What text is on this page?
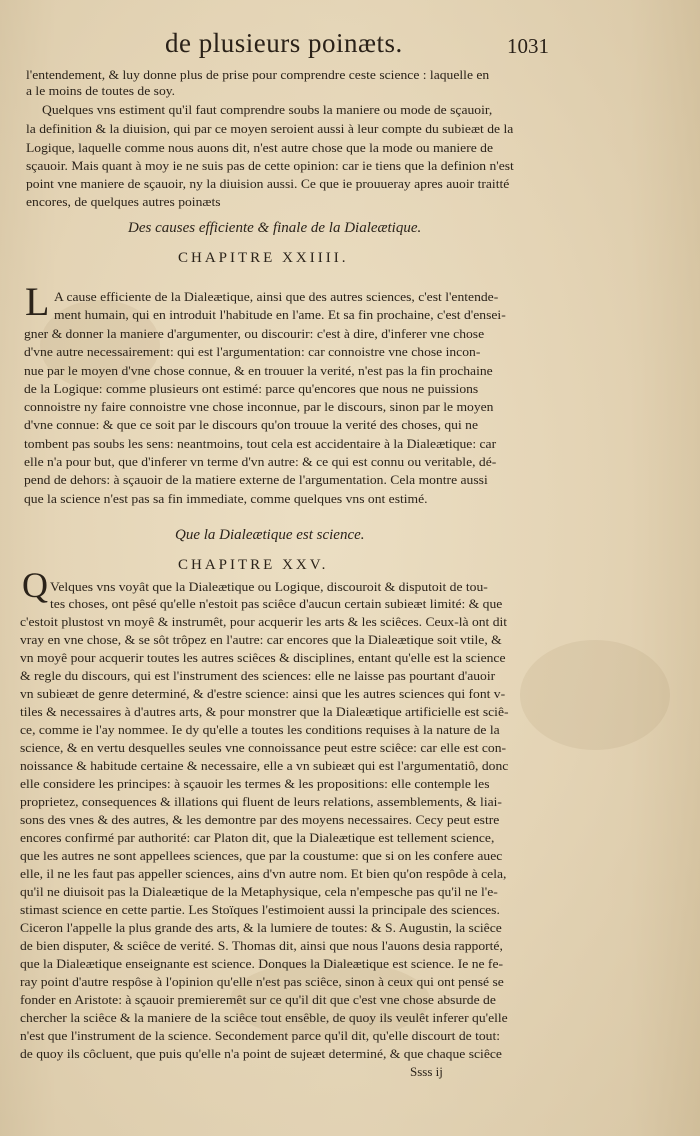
de plusieurs poinæts.	1031
l'entendement, & luy donne plus de prise pour comprendre ceste science : laquelle en
a le moins de toutes de soy.
Quelques vns estiment qu'il faut comprendre soubs la maniere ou mode de sçauoir,
la definition & la diuision, qui par ce moyen seroient aussi à leur compte du subieæt de la
Logique, laquelle comme nous auons dit, n'est autre chose que la mode ou maniere de
sçauoir. Mais quant à moy ie ne suis pas de cette opinion: car ie tiens que la definion n'est
point vne maniere de sçauoir, ny la diuision aussi. Ce que ie prouueray apres auoir traitté
encores, de quelques autres poinæts
Des causes efficiente & finale de la Dialeætique.
CHAPITRE XXIIII.
L A cause efficiente de la Dialeætique, ainsi que des autres sciences, c'est l'entende-
ment humain, qui en introduit l'habitude en l'ame. Et sa fin prochaine, c'est d'ensei-
gner & donner la maniere d'argumenter, ou discourir: c'est à dire, d'inferer vne chose
d'vne autre necessairement: qui est l'argumentation: car connoistre vne chose incon-
nue par le moyen d'vne chose connue, & en trouuer la verité, n'est pas la fin prochaine
de la Logique: comme plusieurs ont estimé: parce qu'encores que nous ne puissions
connoistre ny faire connoistre vne chose inconnue, par le discours, sinon par le moyen
d'vne connue: & que ce soit par le discours qu'on trouue la verité des choses, qui ne
tombent pas soubs les sens: neantmoins, tout cela est accidentaire à la Dialeætique: car
elle n'a pour but, que d'inferer vn terme d'vn autre: & ce qui est connu ou veritable, dé-
pend de dehors: à sçauoir de la matiere externe de l'argumentation. Cela montre aussi
que la science n'est pas sa fin immediate, comme quelques vns ont estimé.
Que la Dialeætique est science.
CHAPITRE XXV.
Q Velques vns voyât que la Dialeætique ou Logique, discouroit & disputoit de tou-
tes choses, ont pêsé qu'elle n'estoit pas sciêce d'aucun certain subieæt limité: & que
c'estoit plustost vn moyê & instrumêt, pour acquerir les arts & les sciêces. Ceux-là ont dit
vray en vne chose, & se sôt trôpez en l'autre: car encores que la Dialeætique soit vtile, &
vn moyê pour acquerir toutes les autres sciêces & disciplines, entant qu'elle est la science
& regle du discours, qui est l'instrument des sciences: elle ne laisse pas pourtant d'auoir
vn subieæt de genre determiné, & d'estre science: ainsi que les autres sciences qui font v-
tiles & necessaires à d'autres arts, & pour monstrer que la Dialeætique artificielle est sciê-
ce, comme ie l'ay nommee. Ie dy qu'elle a toutes les conditions requises à la nature de la
science, & en vertu desquelles seules vne connoissance peut estre sciêce: car elle est con-
noissance & habitude certaine & necessaire, elle a vn subieæt qui est l'argumentatiô, donc
elle considere les principes: à sçauoir les termes & les propositions: elle contemple les
proprietez, consequences & illations qui fluent de leurs relations, assemblements, & liai-
sons des vnes & des autres, & les demontre par des moyens necessaires. Cecy peut estre
encores confirmé par authorité: car Platon dit, que la Dialeætique est tellement science,
que les autres ne sont appellees sciences, que par la coustume: que si on les confere auec
elle, il ne les faut pas appeller sciences, ains d'vn autre nom. Et bien qu'on respôde à cela,
qu'il ne diuisoit pas la Dialeætique de la Metaphysique, cela n'empesche pas qu'il ne l'e-
stimast science en cette partie. Les Stoïques l'estimoient aussi la principale des sciences.
Ciceron l'appelle la plus grande des arts, & la lumiere de toutes: & S. Augustin, la sciêce
de bien disputer, & sciêce de verité. S. Thomas dit, ainsi que nous l'auons desia rapporté,
que la Dialeætique enseignante est science. Donques la Dialeætique est science. Ie ne fe-
ray point d'autre respôse à l'opinion qu'elle n'est pas sciêce, sinon à ceux qui ont pensé se
fonder en Aristote: à sçauoir premieremêt sur ce qu'il dit que c'est vne chose absurde de
chercher la sciêce & la maniere de la sciêce tout ensêble, de quoy ils veulêt inferer qu'elle
n'est que l'instrument de la science. Secondement parce qu'il dit, qu'elle discourt de tout:
de quoy ils côcluent, que puis qu'elle n'a point de sujeæt determiné, & que chaque sciêce
Ssss ij
